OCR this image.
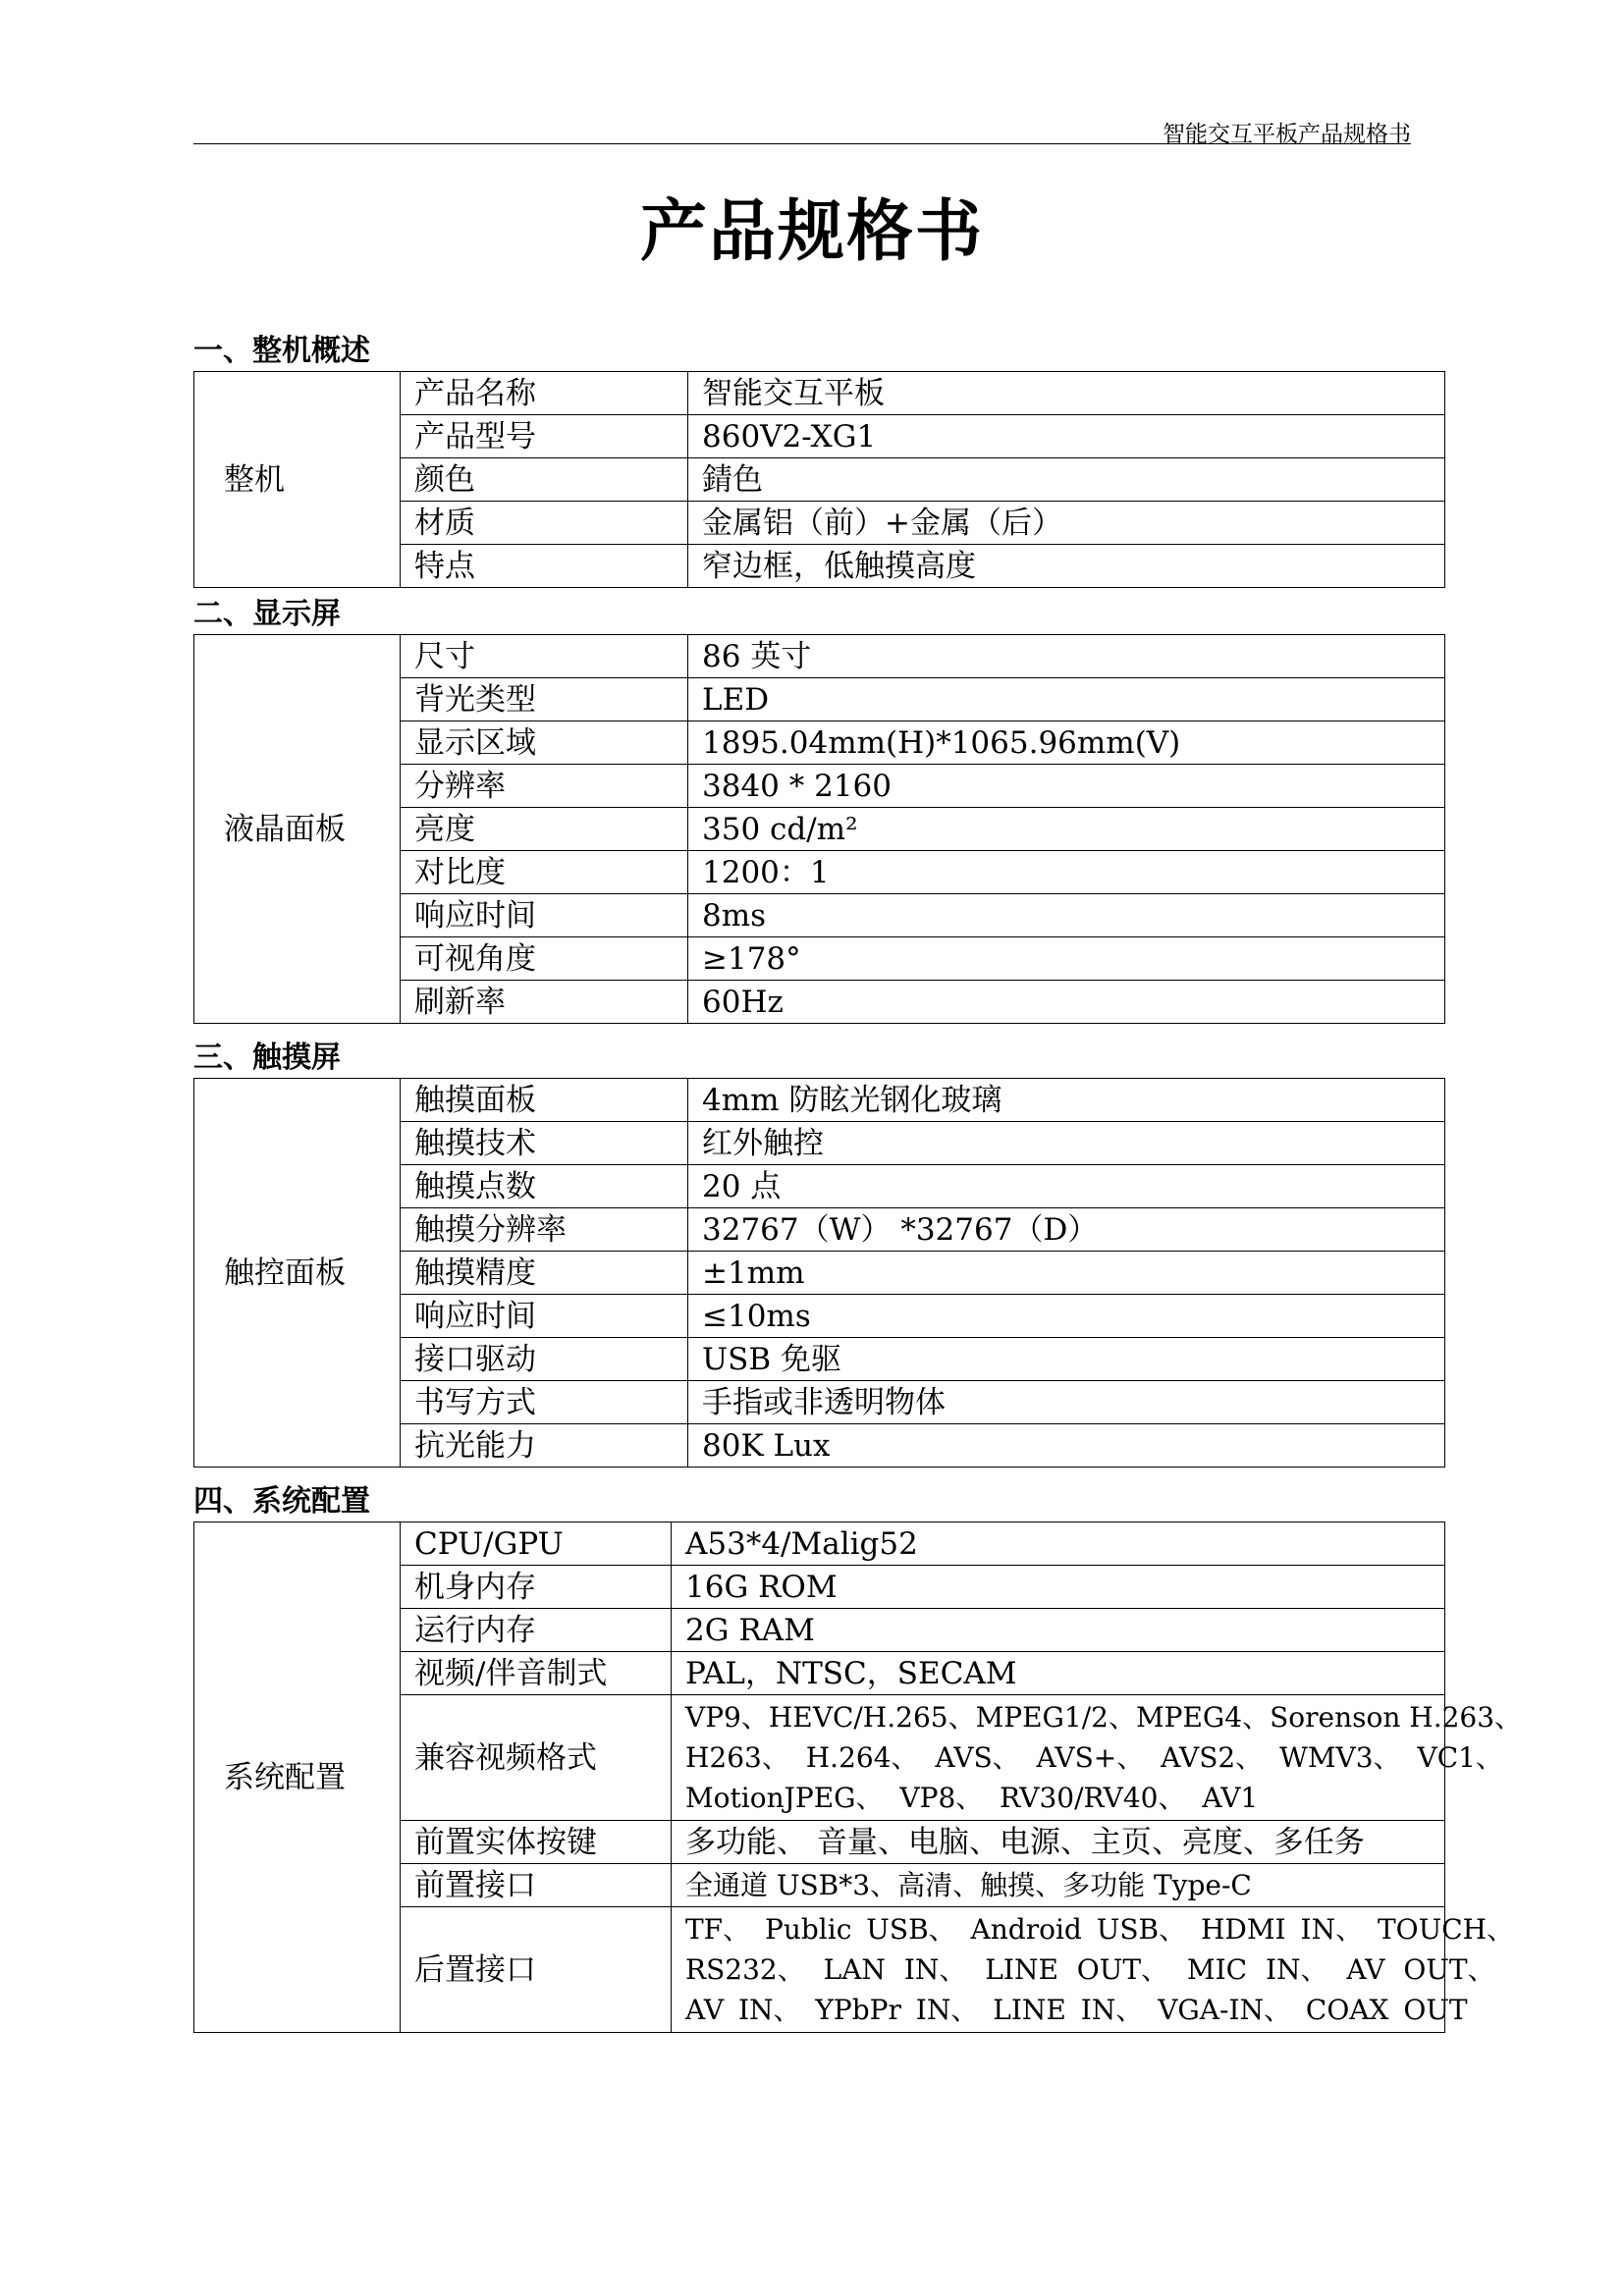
智能交互平板产品规格书
产品规格书
一、整机概述
整机	产品名称	智能交互平板
	产品型号	860V2-XG1
	颜色	錆色
	材质	金属铝（前）+金属（后）
	特点	窄边框，低触摸高度
二、显示屏
液晶面板	尺寸	86 英寸
	背光类型	LED
	显示区域	1895.04mm(H)*1065.96mm(V)
	分辨率	3840 * 2160
	亮度	350 cd/m²
	对比度	1200：1
	响应时间	8ms
	可视角度	≥178°
	刷新率	60Hz
三、触摸屏
触控面板	触摸面板	4mm 防眩光钢化玻璃
	触摸技术	红外触控
	触摸点数	20 点
	触摸分辨率	32767（W） *32767（D）
	触摸精度	±1mm
	响应时间	≤10ms
	接口驱动	USB 免驱
	书写方式	手指或非透明物体
	抗光能力	80K Lux
四、系统配置
系统配置	CPU/GPU	A53*4/Malig52
	机身内存	16G ROM
	运行内存	2G RAM
	视频/伴音制式	PAL，NTSC，SECAM
	兼容视频格式	VP9、HEVC/H.265、MPEG1/2、MPEG4、Sorenson H.263、
H263、 H.264、 AVS、 AVS+、 AVS2、 WMV3、 VC1、
MotionJPEG、 VP8、 RV30/RV40、 AV1

	前置实体按键	多功能、 音量、电脑、电源、主页、亮度、多任务
	前置接口	全通道 USB*3、高清、触摸、多功能 Type-C
	后置接口	TF、 Public USB、 Android USB、 HDMI IN、 TOUCH、
RS232、 LAN IN、 LINE OUT、 MIC IN、 AV OUT、
AV IN、 YPbPr IN、 LINE IN、 VGA-IN、 COAX OUT
